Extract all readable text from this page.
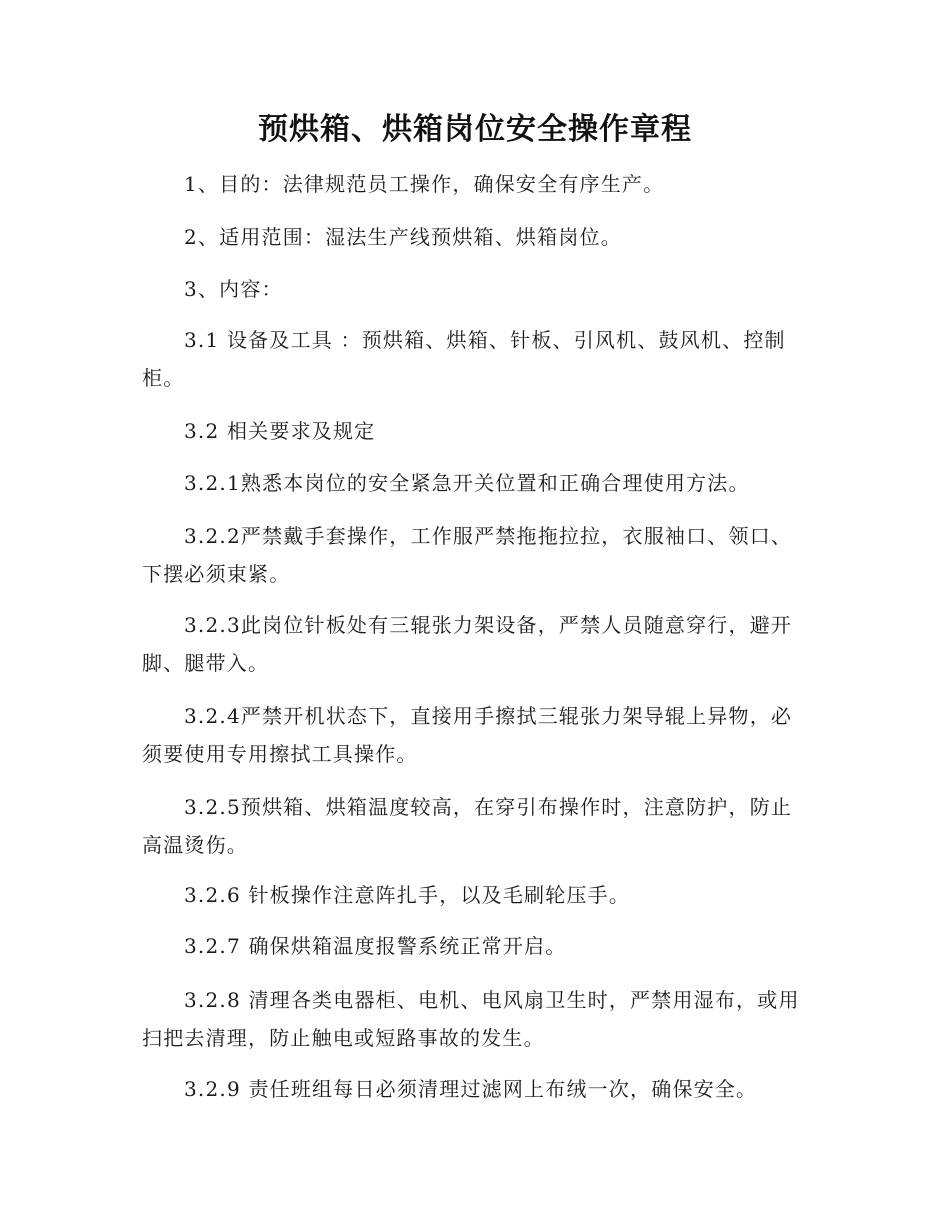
预烘箱、烘箱岗位安全操作章程
1、目的：法律规范员工操作，确保安全有序生产。
2、适用范围：湿法生产线预烘箱、烘箱岗位。
3、内容：
3.1 设备及工具 ：预烘箱、烘箱、针板、引风机、鼓风机、控制柜。
3.2 相关要求及规定
3.2.1熟悉本岗位的安全紧急开关位置和正确合理使用方法。
3.2.2严禁戴手套操作，工作服严禁拖拖拉拉，衣服袖口、领口、下摆必须束紧。
3.2.3此岗位针板处有三辊张力架设备，严禁人员随意穿行，避开脚、腿带入。
3.2.4严禁开机状态下，直接用手擦拭三辊张力架导辊上异物，必须要使用专用擦拭工具操作。
3.2.5预烘箱、烘箱温度较高，在穿引布操作时，注意防护，防止高温烫伤。
3.2.6 针板操作注意阵扎手，以及毛刷轮压手。
3.2.7 确保烘箱温度报警系统正常开启。
3.2.8 清理各类电器柜、电机、电风扇卫生时，严禁用湿布，或用扫把去清理，防止触电或短路事故的发生。
3.2.9 责任班组每日必须清理过滤网上布绒一次，确保安全。
